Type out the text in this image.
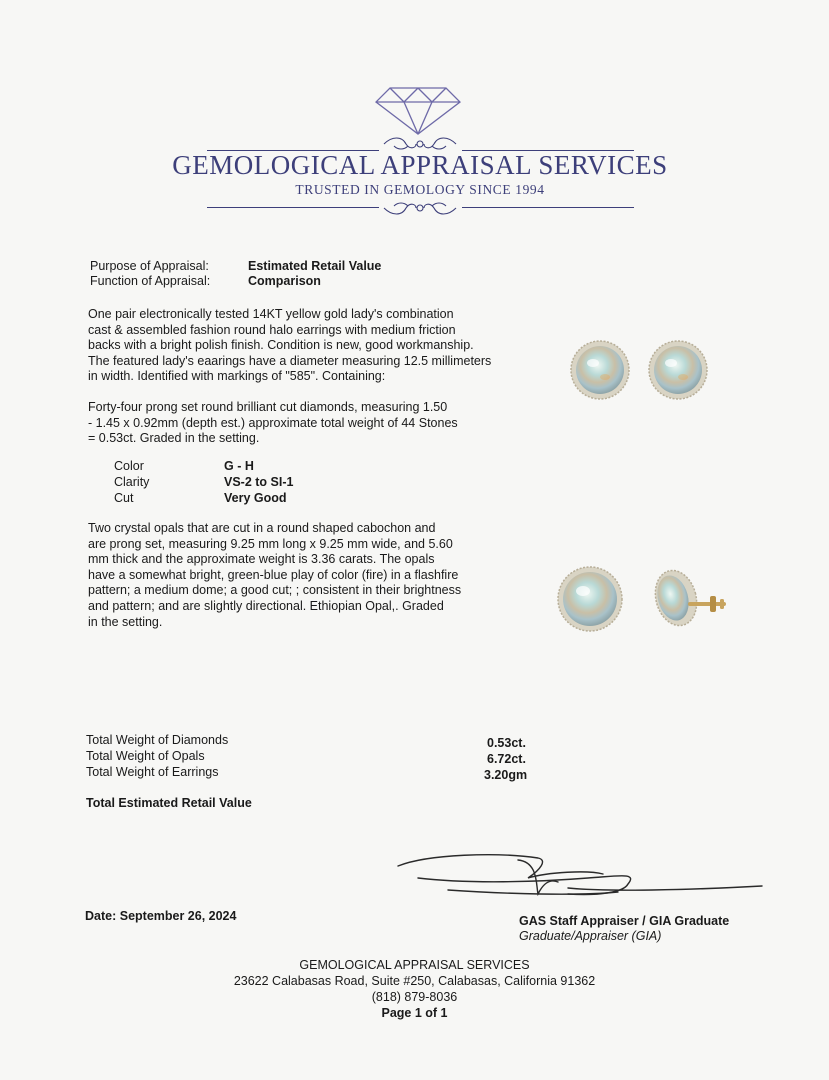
GEMOLOGICAL APPRAISAL SERVICES
TRUSTED IN GEMOLOGY SINCE 1994
Purpose of Appraisal:	Estimated Retail Value
Function of Appraisal:	Comparison
One pair electronically tested 14KT yellow gold lady's combination
cast & assembled fashion round halo earrings with medium friction
backs with a bright polish finish. Condition is new, good workmanship.
The featured lady's eaarings have a diameter measuring 12.5 millimeters
in width. Identified with markings of "585". Containing:
Forty-four prong set round brilliant cut diamonds, measuring 1.50
- 1.45 x 0.92mm (depth est.) approximate total weight of 44 Stones
= 0.53ct. Graded in the setting.
Color	G - H
Clarity	VS-2 to SI-1
Cut	Very Good
Two crystal opals that are cut in a round shaped cabochon and
are prong set, measuring 9.25 mm long x 9.25 mm wide, and 5.60
mm thick and the approximate weight is 3.36 carats. The opals
have a somewhat bright, green-blue play of color (fire) in a flashfire
pattern; a medium dome; a good cut; ; consistent in their brightness
and pattern; and are slightly directional. Ethiopian Opal,. Graded
in the setting.
Total Weight of Diamonds	0.53ct.
Total Weight of Opals	6.72ct.
Total Weight of Earrings	3.20gm
Total Estimated Retail Value
Date: September 26, 2024	GAS Staff Appraiser / GIA Graduate
Graduate/Appraiser (GIA)
GEMOLOGICAL APPRAISAL SERVICES
23622 Calabasas Road, Suite #250, Calabasas, California 91362
(818) 879-8036
Page 1 of 1
